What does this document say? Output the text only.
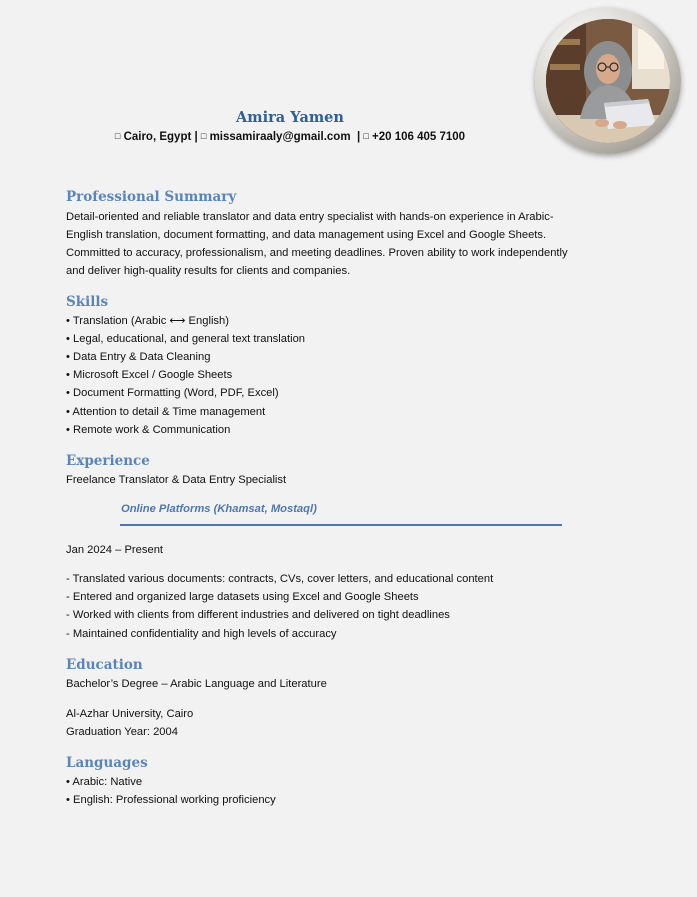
Amira Yamen
□ Cairo, Egypt | □ missamiraaly@gmail.com | □ +20 106 405 7100
Professional Summary
Detail-oriented and reliable translator and data entry specialist with hands-on experience in Arabic-
English translation, document formatting, and data management using Excel and Google Sheets.
Committed to accuracy, professionalism, and meeting deadlines. Proven ability to work independently
and deliver high-quality results for clients and companies.
Skills
• Translation (Arabic ⟷ English)
• Legal, educational, and general text translation
• Data Entry & Data Cleaning
• Microsoft Excel / Google Sheets
• Document Formatting (Word, PDF, Excel)
• Attention to detail & Time management
• Remote work & Communication
Experience
Freelance Translator & Data Entry Specialist
Online Platforms (Khamsat, Mostaql)
Jan 2024 – Present
- Translated various documents: contracts, CVs, cover letters, and educational content
- Entered and organized large datasets using Excel and Google Sheets
- Worked with clients from different industries and delivered on tight deadlines
- Maintained confidentiality and high levels of accuracy
Education
Bachelor’s Degree – Arabic Language and Literature
Al-Azhar University, Cairo
Graduation Year: 2004
Languages
• Arabic: Native
• English: Professional working proficiency
